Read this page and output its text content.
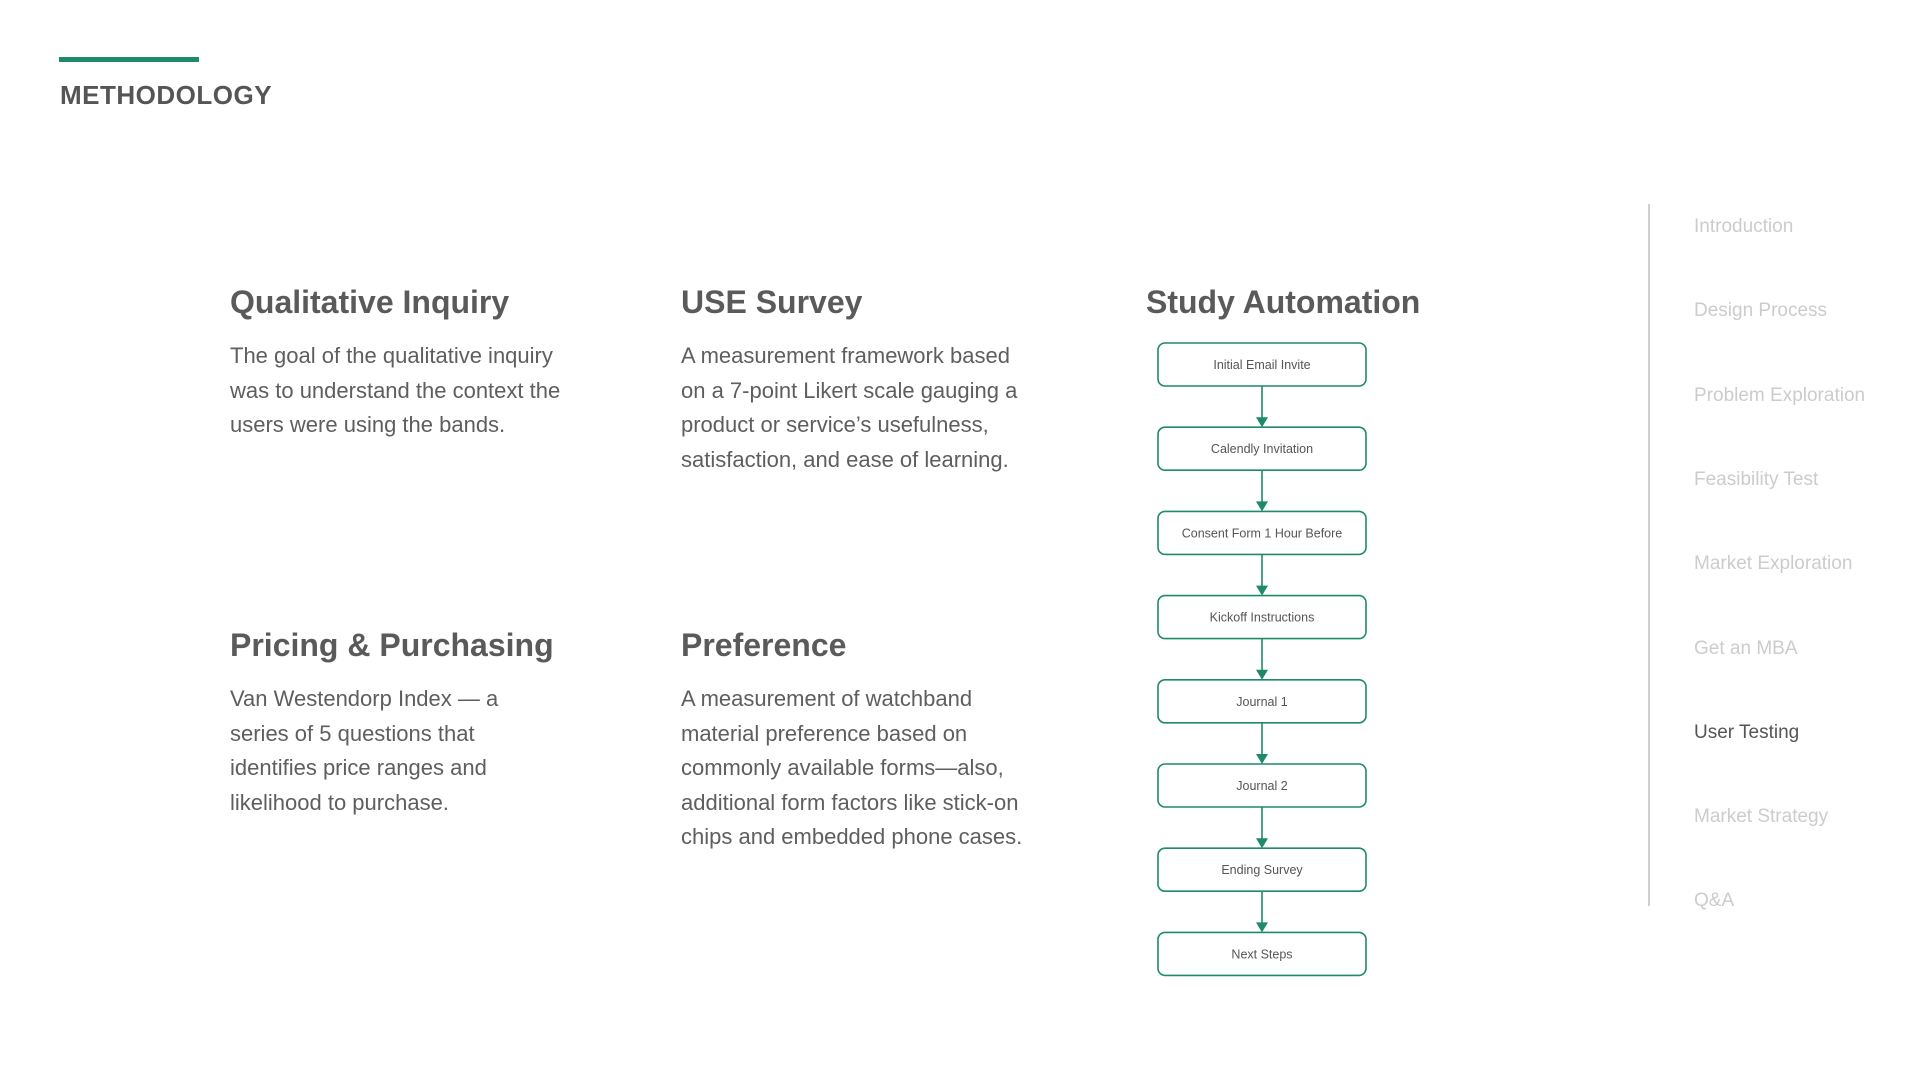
METHODOLOGY
Qualitative Inquiry

The goal of the qualitative inquiry was to understand the context the users were using the bands.

USE Survey

A measurement framework based on a 7-point Likert scale gauging a product or service’s usefulness, satisfaction, and ease of learning.

Pricing & Purchasing

Van Westendorp Index — a series of 5 questions that identifies price ranges and likelihood to purchase.

Preference

A measurement of watchband material preference based on commonly available forms—also, additional form factors like stick-on chips and embedded phone cases.

Study Automation
Initial Email Invite
Calendly Invitation
Consent Form 1 Hour Before
Kickoff Instructions
Journal 1
Journal 2
Ending Survey
Next Steps
Introduction
Design Process
Problem Exploration
Feasibility Test
Market Exploration
Get an MBA
User Testing
Market Strategy
Q&A
